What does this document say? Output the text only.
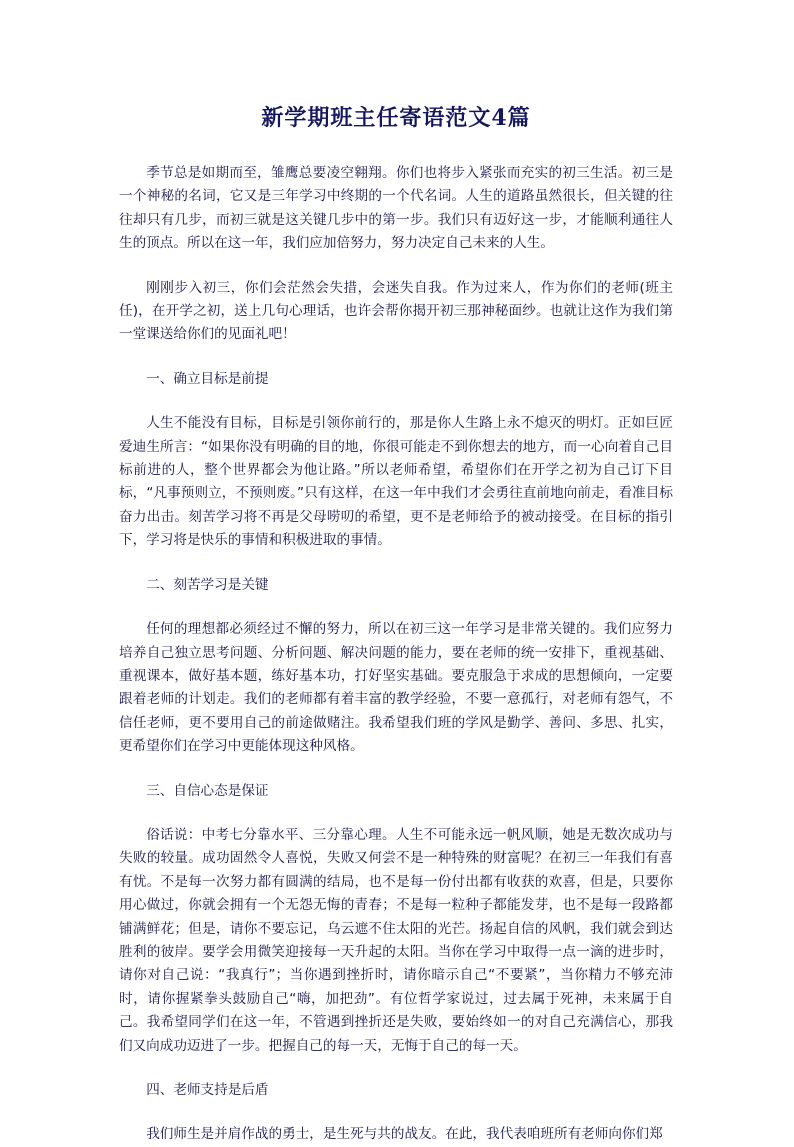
新学期班主任寄语范文4篇

季节总是如期而至，雏鹰总要凌空翱翔。你们也将步入紧张而充实的初三生活。初三是一个神秘的名词，它又是三年学习中终期的一个代名词。人生的道路虽然很长，但关键的往往却只有几步，而初三就是这关键几步中的第一步。我们只有迈好这一步，才能顺利通往人生的顶点。所以在这一年，我们应加倍努力，努力决定自己未来的人生。

刚刚步入初三，你们会茫然会失措，会迷失自我。作为过来人，作为你们的老师(班主任)，在开学之初，送上几句心理话，也许会帮你揭开初三那神秘面纱。也就让这作为我们第一堂课送给你们的见面礼吧！

一、确立目标是前提

人生不能没有目标，目标是引领你前行的，那是你人生路上永不熄灭的明灯。正如巨匠爱迪生所言：“如果你没有明确的目的地，你很可能走不到你想去的地方，而一心向着自己目标前进的人，整个世界都会为他让路。”所以老师希望，希望你们在开学之初为自己订下目标，“凡事预则立，不预则废。”只有这样，在这一年中我们才会勇往直前地向前走，看准目标奋力出击。刻苦学习将不再是父母唠叨的希望，更不是老师给予的被动接受。在目标的指引下，学习将是快乐的事情和积极进取的事情。

二、刻苦学习是关键

任何的理想都必须经过不懈的努力，所以在初三这一年学习是非常关键的。我们应努力培养自己独立思考问题、分析问题、解决问题的能力，要在老师的统一安排下，重视基础、重视课本，做好基本题，练好基本功，打好坚实基础。要克服急于求成的思想倾向，一定要跟着老师的计划走。我们的老师都有着丰富的教学经验，不要一意孤行，对老师有怨气，不信任老师，更不要用自己的前途做赌注。我希望我们班的学风是勤学、善问、多思、扎实，更希望你们在学习中更能体现这种风格。

三、自信心态是保证

俗话说：中考七分靠水平、三分靠心理。人生不可能永远一帆风顺，她是无数次成功与失败的较量。成功固然令人喜悦，失败又何尝不是一种特殊的财富呢？在初三一年我们有喜有忧。不是每一次努力都有圆满的结局，也不是每一份付出都有收获的欢喜，但是，只要你用心做过，你就会拥有一个无怨无悔的青春；不是每一粒种子都能发芽，也不是每一段路都铺满鲜花；但是，请你不要忘记，乌云遮不住太阳的光芒。扬起自信的风帆，我们就会到达胜利的彼岸。要学会用微笑迎接每一天升起的太阳。当你在学习中取得一点一滴的进步时，请你对自己说：“我真行”；当你遇到挫折时，请你暗示自己“不要紧”，当你精力不够充沛时，请你握紧拳头鼓励自己“嗨，加把劲”。有位哲学家说过，过去属于死神，未来属于自己。我希望同学们在这一年，不管遇到挫折还是失败，要始终如一的对自己充满信心，那我们又向成功迈进了一步。把握自己的每一天，无悔于自己的每一天。

四、老师支持是后盾

我们师生是并肩作战的勇士，是生死与共的战友。在此，我代表咱班所有老师向你们郑
